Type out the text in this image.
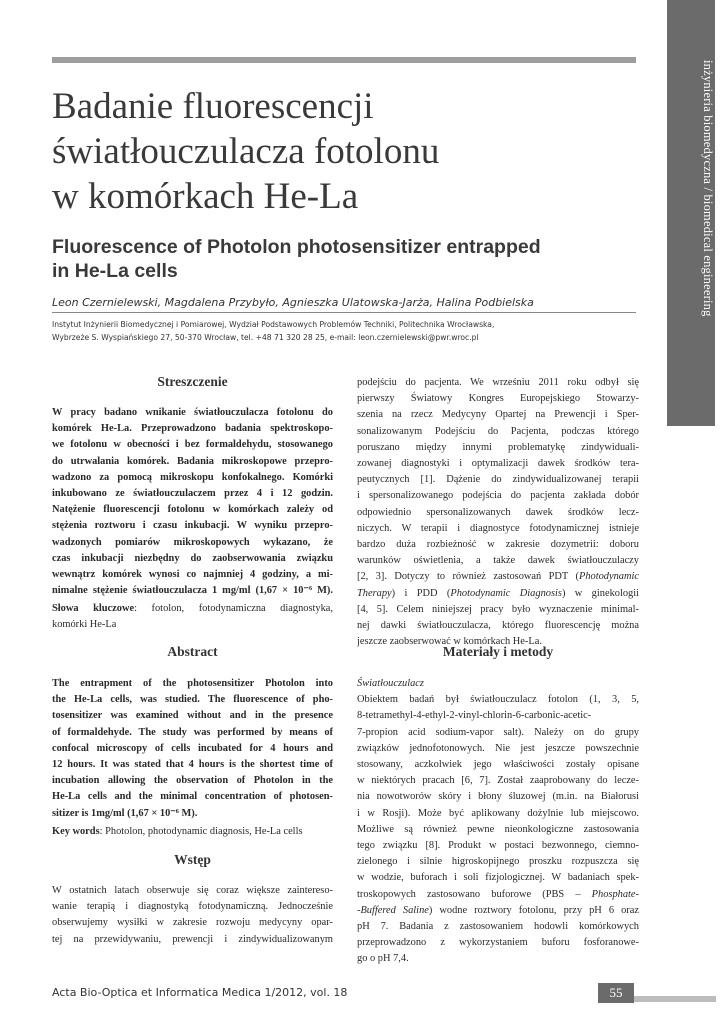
inżynieria biomedyczna / biomedical engineering
Badanie fluorescencji
światłouczulacza fotolonu
w komórkach He-La
Fluorescence of Photolon photosensitizer entrapped
in He-La cells
Leon Czernielewski, Magdalena Przybyło, Agnieszka Ulatowska-Jarża, Halina Podbielska
Instytut Inżynierii Biomedycznej i Pomiarowej, Wydział Podstawowych Problemów Techniki, Politechnika Wrocławska,
Wybrzeże S. Wyspiańskiego 27, 50-370 Wrocław, tel. +48 71 320 28 25, e-mail: leon.czernielewski@pwr.wroc.pl
Streszczenie
W pracy badano wnikanie światłouczulacza fotolonu do
komórek He-La. Przeprowadzono badania spektroskopo-
we fotolonu w obecności i bez formaldehydu, stosowanego
do utrwalania komórek. Badania mikroskopowe przepro-
wadzono za pomocą mikroskopu konfokalnego. Komórki
inkubowano ze światłouczulaczem przez 4 i 12 godzin.
Natężenie fluorescencji fotolonu w komórkach zależy od
stężenia roztworu i czasu inkubacji. W wyniku przepro-
wadzonych pomiarów mikroskopowych wykazano, że
czas inkubacji niezbędny do zaobserwowania związku
wewnątrz komórek wynosi co najmniej 4 godziny, a mi-
nimalne stężenie światłouczulacza 1 mg/ml (1,67 × 10⁻⁶ M).
Słowa kluczowe: fotolon, fotodynamiczna diagnostyka,
komórki He-La
Abstract
The entrapment of the photosensitizer Photolon into
the He-La cells, was studied. The fluorescence of pho-
tosensitizer was examined without and in the presence
of formaldehyde. The study was performed by means of
confocal microscopy of cells incubated for 4 hours and
12 hours. It was stated that 4 hours is the shortest time of
incubation allowing the observation of Photolon in the
He-La cells and the minimal concentration of photosen-
sitizer is 1mg/ml (1,67 × 10⁻⁶ M).
Key words: Photolon, photodynamic diagnosis, He-La cells
Wstęp
W ostatnich latach obserwuje się coraz większe zaintereso-
wanie terapią i diagnostyką fotodynamiczną. Jednocześnie
obserwujemy wysiłki w zakresie rozwoju medycyny opar-
tej na przewidywaniu, prewencji i zindywidualizowanym
podejściu do pacjenta. We wrześniu 2011 roku odbył się
pierwszy Światowy Kongres Europejskiego Stowarzy-
szenia na rzecz Medycyny Opartej na Prewencji i Sper-
sonalizowanym Podejściu do Pacjenta, podczas którego
poruszano między innymi problematykę zindywiduali-
zowanej diagnostyki i optymalizacji dawek środków tera-
peutycznych [1]. Dążenie do zindywidualizowanej terapii
i spersonalizowanego podejścia do pacjenta zakłada dobór
odpowiednio spersonalizowanych dawek środków lecz-
niczych. W terapii i diagnostyce fotodynamicznej istnieje
bardzo duża rozbieżność w zakresie dozymetrii: doboru
warunków oświetlenia, a także dawek światłouczulaczy
[2, 3]. Dotyczy to również zastosowań PDT (Photodynamic
Therapy) i PDD (Photodynamic Diagnosis) w ginekologii
[4, 5]. Celem niniejszej pracy było wyznaczenie minimal-
nej dawki światłouczulacza, którego fluorescencję można
jeszcze zaobserwować w komórkach He-La.
Materiały i metody
Światłouczulacz
Obiektem badań był światłouczulacz fotolon (1, 3, 5,
8-tetramethyl-4-ethyl-2-vinyl-chlorin-6-carbonic-acetic-
7-propion acid sodium-vapor salt). Należy on do grupy
związków jednofotonowych. Nie jest jeszcze powszechnie
stosowany, aczkolwiek jego właściwości zostały opisane
w niektórych pracach [6, 7]. Został zaaprobowany do lecze-
nia nowotworów skóry i błony śluzowej (m.in. na Białorusi
i w Rosji). Może być aplikowany dożylnie lub miejscowo.
Możliwe są również pewne nieonkologiczne zastosowania
tego związku [8]. Produkt w postaci bezwonnego, ciemno-
zielonego i silnie higroskopijnego proszku rozpuszcza się
w wodzie, buforach i soli fizjologicznej. W badaniach spek-
troskopowych zastosowano buforowe (PBS – Phosphate-
-Buffered Saline) wodne roztwory fotolonu, przy pH 6 oraz
pH 7. Badania z zastosowaniem hodowli komórkowych
przeprowadzono z wykorzystaniem buforu fosforanowe-
go o pH 7,4.
Acta Bio-Optica et Informatica Medica 1/2012, vol. 18	55
